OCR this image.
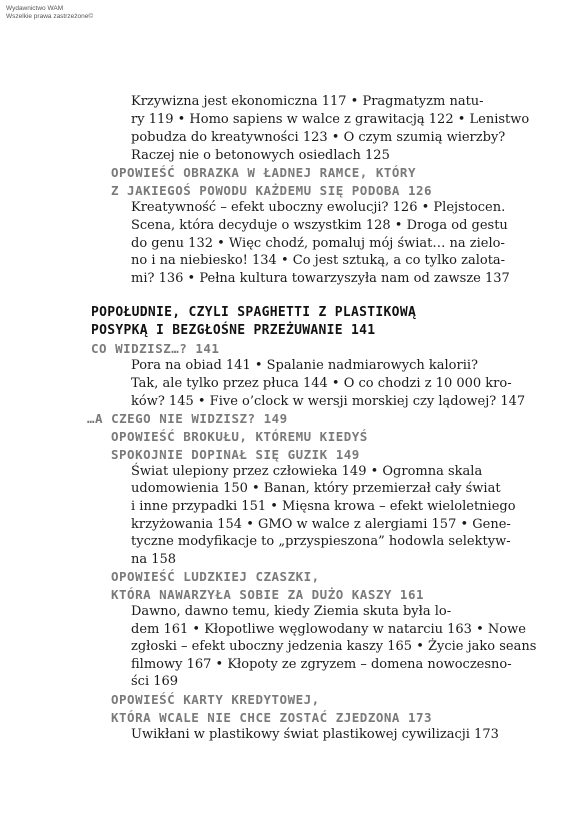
Wydawnictwo WAM
Wszelkie prawa zastrzeżone©
Krzywizna jest ekonomiczna 117 • Pragmatyzm natu-
ry 119 • Homo sapiens w walce z grawitacją 122 • Lenistwo
pobudza do kreatywności 123 • O czym szumią wierzby?
Raczej nie o betonowych osiedlach 125
OPOWIEŚĆ OBRAZKA W ŁADNEJ RAMCE, KTÓRY
Z JAKIEGOŚ POWODU KAŻDEMU SIĘ PODOBA 126
Kreatywność – efekt uboczny ewolucji? 126 • Plejstocen.
Scena, która decyduje o wszystkim 128 • Droga od gestu
do genu 132 • Więc chodź, pomaluj mój świat… na zielo-
no i na niebiesko! 134 • Co jest sztuką, a co tylko zalota-
mi? 136 • Pełna kultura towarzyszyła nam od zawsze 137
POPOŁUDNIE, CZYLI SPAGHETTI Z PLASTIKOWĄ
POSYPKĄ I BEZGŁOŚNE PRZEŻUWANIE 141
CO WIDZISZ…? 141
Pora na obiad 141 • Spalanie nadmiarowych kalorii?
Tak, ale tylko przez płuca 144 • O co chodzi z 10 000 kro-
ków? 145 • Five o’clock w wersji morskiej czy lądowej? 147
…A CZEGO NIE WIDZISZ? 149
OPOWIEŚĆ BROKUŁU, KTÓREMU KIEDYŚ
SPOKOJNIE DOPINAŁ SIĘ GUZIK 149
Świat ulepiony przez człowieka 149 • Ogromna skala
udomowienia 150 • Banan, który przemierzał cały świat
i inne przypadki 151 • Mięsna krowa – efekt wieloletniego
krzyżowania 154 • GMO w walce z alergiami 157 • Gene-
tyczne modyfikacje to „przyspieszona” hodowla selektyw-
na 158
OPOWIEŚĆ LUDZKIEJ CZASZKI,
KTÓRA NAWARZYŁA SOBIE ZA DUŻO KASZY 161
Dawno, dawno temu, kiedy Ziemia skuta była lo-
dem 161 • Kłopotliwe węglowodany w natarciu 163 • Nowe
zgłoski – efekt uboczny jedzenia kaszy 165 • Życie jako seans
filmowy 167 • Kłopoty ze zgryzem – domena nowoczesno-
ści 169
OPOWIEŚĆ KARTY KREDYTOWEJ,
KTÓRA WCALE NIE CHCE ZOSTAĆ ZJEDZONA 173
Uwikłani w plastikowy świat plastikowej cywilizacji 173
